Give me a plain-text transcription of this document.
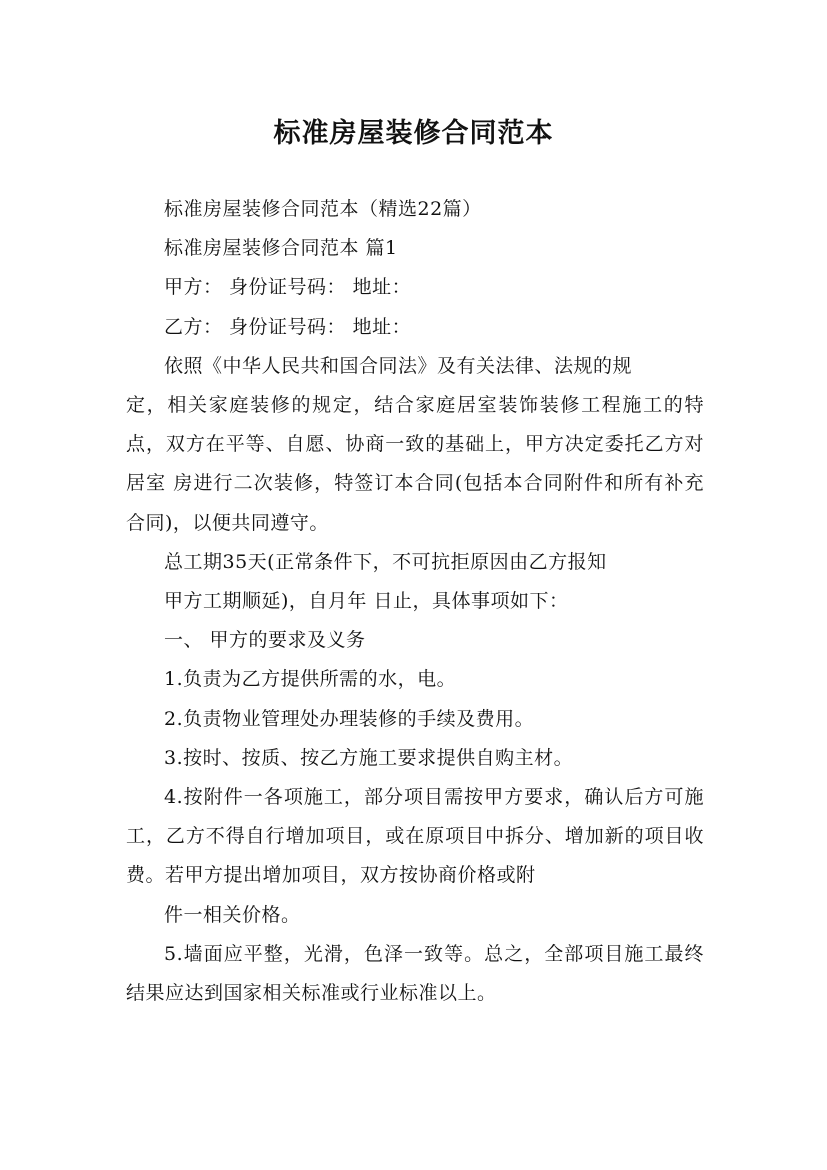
标准房屋装修合同范本

标准房屋装修合同范本（精选22篇）

标准房屋装修合同范本 篇1

甲方： 身份证号码： 地址：

乙方： 身份证号码： 地址：

依照《中华人民共和国合同法》及有关法律、法规的规

定，相关家庭装修的规定，结合家庭居室装饰装修工程施工的特点，双方在平等、自愿、协商一致的基础上，甲方决定委托乙方对居室 房进行二次装修，特签订本合同(包括本合同附件和所有补充合同)，以便共同遵守。

总工期35天(正常条件下，不可抗拒原因由乙方报知

甲方工期顺延)，自月年 日止，具体事项如下：

一、 甲方的要求及义务

1.负责为乙方提供所需的水，电。

2.负责物业管理处办理装修的手续及费用。

3.按时、按质、按乙方施工要求提供自购主材。

4.按附件一各项施工，部分项目需按甲方要求，确认后方可施工，乙方不得自行增加项目，或在原项目中拆分、增加新的项目收费。若甲方提出增加项目，双方按协商价格或附

件一相关价格。

5.墙面应平整，光滑，色泽一致等。总之，全部项目施工最终结果应达到国家相关标准或行业标准以上。
